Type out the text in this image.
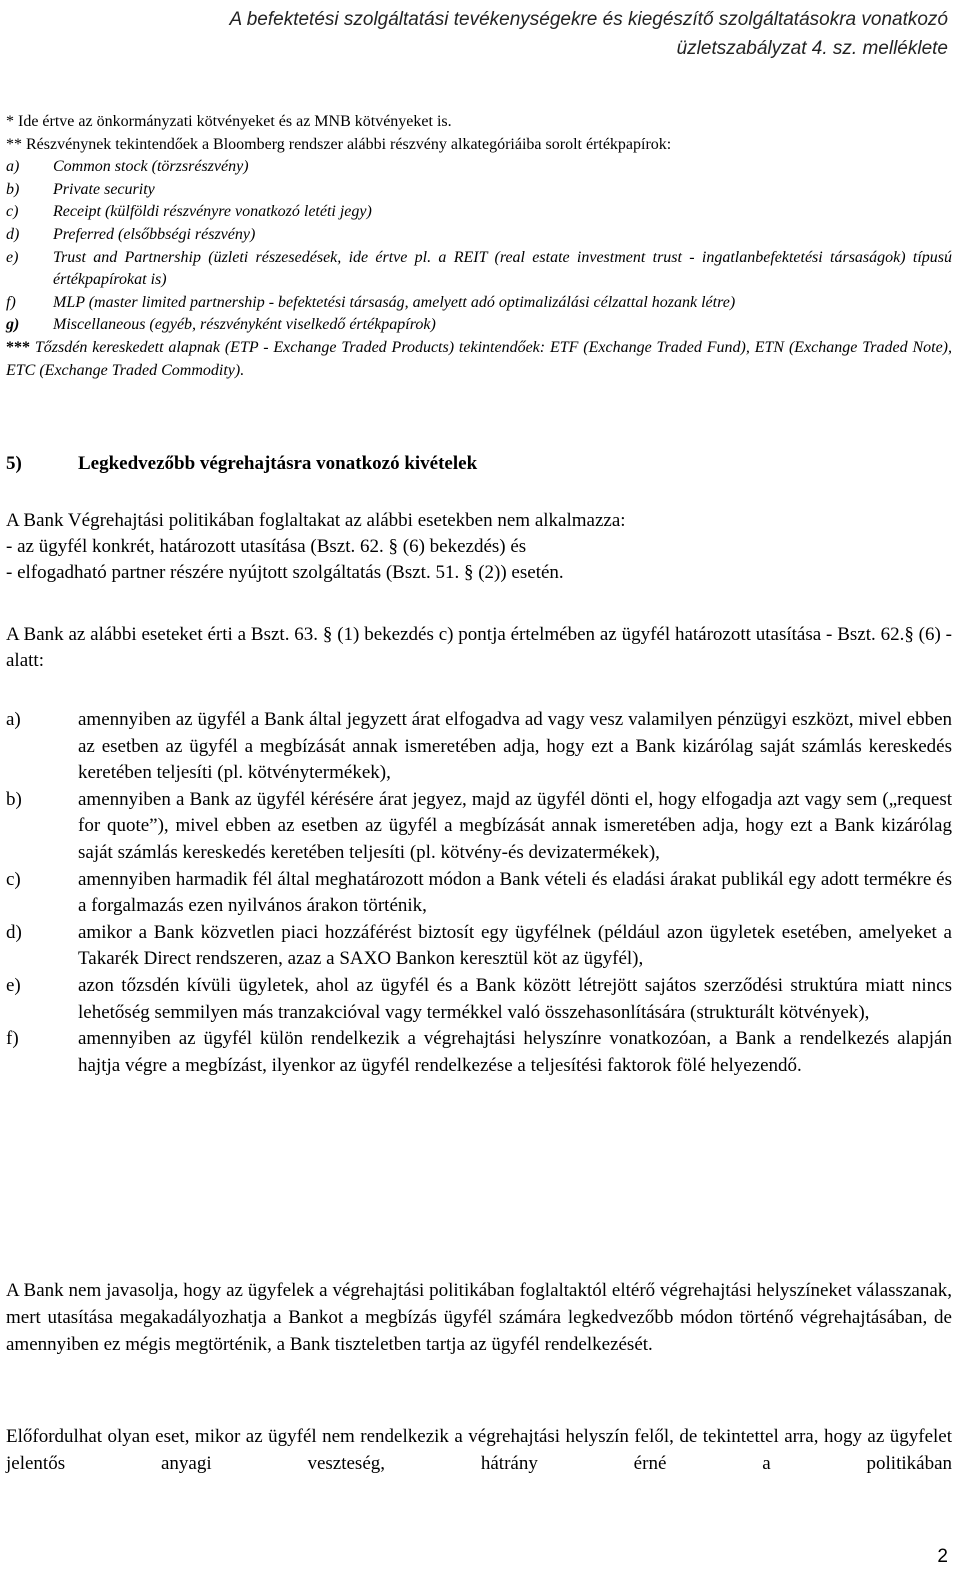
A befektetési szolgáltatási tevékenységekre és kiegészítő szolgáltatásokra vonatkozó
üzletszabályzat 4. sz. melléklete

* Ide értve az önkormányzati kötvényeket és az MNB kötvényeket is.

** Részvénynek tekintendőek a Bloomberg rendszer alábbi részvény alkategóriáiba sorolt értékpapírok:

a)	Common stock (törzsrészvény)
b)	Private security
c)	Receipt (külföldi részvényre vonatkozó letéti jegy)
d)	Preferred (elsőbbségi részvény)
e)	Trust and Partnership (üzleti részesedések, ide értve pl. a REIT (real estate investment trust - ingatlanbefektetési társaságok) típusú értékpapírokat is)
f)	MLP (master limited partnership - befektetési társaság, amelyett adó optimalizálási célzattal hozank létre)
g)	Miscellaneous (egyéb, részvényként viselkedő értékpapírok)

*** Tőzsdén kereskedett alapnak (ETP - Exchange Traded Products) tekintendőek: ETF (Exchange Traded Fund), ETN (Exchange Traded Note), ETC (Exchange Traded Commodity).

5)	Legkedvezőbb végrehajtásra vonatkozó kivételek

A Bank Végrehajtási politikában foglaltakat az alábbi esetekben nem alkalmazza:

- az ügyfél konkrét, határozott utasítása (Bszt. 62. § (6) bekezdés) és

- elfogadható partner részére nyújtott szolgáltatás (Bszt. 51. § (2)) esetén.

A Bank az alábbi eseteket érti a Bszt. 63. § (1) bekezdés c) pontja értelmében az ügyfél határozott utasítása - Bszt. 62.§ (6) - alatt:

a)	amennyiben az ügyfél a Bank által jegyzett árat elfogadva ad vagy vesz valamilyen pénzügyi eszközt, mivel ebben az esetben az ügyfél a megbízását annak ismeretében adja, hogy ezt a Bank kizárólag saját számlás kereskedés keretében teljesíti (pl. kötvénytermékek),
b)	amennyiben a Bank az ügyfél kérésére árat jegyez, majd az ügyfél dönti el, hogy elfogadja azt vagy sem („request for quote”), mivel ebben az esetben az ügyfél a megbízását annak ismeretében adja, hogy ezt a Bank kizárólag saját számlás kereskedés keretében teljesíti (pl. kötvény-és devizatermékek),
c)	amennyiben harmadik fél által meghatározott módon a Bank vételi és eladási árakat publikál egy adott termékre és a forgalmazás ezen nyilvános árakon történik,
d)	amikor a Bank közvetlen piaci hozzáférést biztosít egy ügyfélnek (például azon ügyletek esetében, amelyeket a Takarék Direct rendszeren, azaz a SAXO Bankon keresztül köt az ügyfél),
e)	azon tőzsdén kívüli ügyletek, ahol az ügyfél és a Bank között létrejött sajátos szerződési struktúra miatt nincs lehetőség semmilyen más tranzakcióval vagy termékkel való összehasonlítására (strukturált kötvények),
f)	amennyiben az ügyfél külön rendelkezik a végrehajtási helyszínre vonatkozóan, a Bank a rendelkezés alapján hajtja végre a megbízást, ilyenkor az ügyfél rendelkezése a teljesítési faktorok fölé helyezendő.

A Bank nem javasolja, hogy az ügyfelek a végrehajtási politikában foglaltaktól eltérő végrehajtási helyszíneket válasszanak, mert utasítása megakadályozhatja a Bankot a megbízás ügyfél számára legkedvezőbb módon történő végrehajtásában, de amennyiben ez mégis megtörténik, a Bank tiszteletben tartja az ügyfél rendelkezését.

Előfordulhat olyan eset, mikor az ügyfél nem rendelkezik a végrehajtási helyszín felől, de tekintettel arra, hogy az ügyfelet jelentős anyagi veszteség, hátrány érné a politikában

2
